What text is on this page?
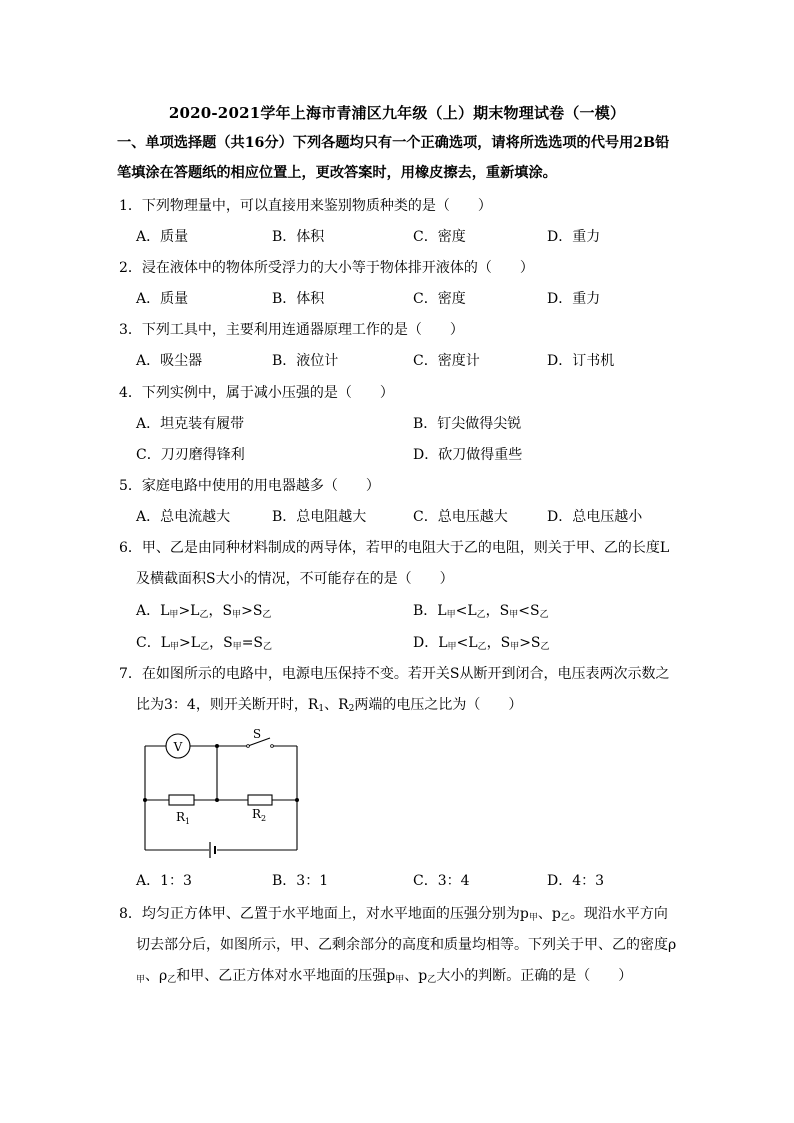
2020-2021学年上海市青浦区九年级（上）期末物理试卷（一模）
一、单项选择题（共16分）下列各题均只有一个正确选项，请将所选选项的代号用2B铅
笔填涂在答题纸的相应位置上，更改答案时，用橡皮擦去，重新填涂。
1．下列物理量中，可以直接用来鉴别物质种类的是（　　）
A．质量	B．体积	C．密度	D．重力
2．浸在液体中的物体所受浮力的大小等于物体排开液体的（　　）
A．质量	B．体积	C．密度	D．重力
3．下列工具中，主要利用连通器原理工作的是（　　）
A．吸尘器	B．液位计	C．密度计	D．订书机
4．下列实例中，属于减小压强的是（　　）
A．坦克装有履带	B．钉尖做得尖锐
C．刀刃磨得锋利	D．砍刀做得重些
5．家庭电路中使用的用电器越多（　　）
A．总电流越大	B．总电阻越大	C．总电压越大	D．总电压越小
6．甲、乙是由同种材料制成的两导体，若甲的电阻大于乙的电阻，则关于甲、乙的长度L
及横截面积S大小的情况，不可能存在的是（　　）
A．$L_甲>L_乙$，$S_甲>S_乙$	B．$L_甲<L_乙$，$S_甲<S_乙$
C．$L_甲>L_乙$，$S_甲=S_乙$	D．$L_甲<L_乙$，$S_甲>S_乙$
7．在如图所示的电路中，电源电压保持不变。若开关S从断开到闭合，电压表两次示数之
比为3：4，则开关断开时，$R_1$、$R_2$两端的电压之比为（　　）
V
S
$R_1$
$R_2$
A．1：3	B．3：1	C．3：4	D．4：3
8．均匀正方体甲、乙置于水平地面上，对水平地面的压强分别为$p_甲$、$p_乙$。现沿水平方向
切去部分后，如图所示，甲、乙剩余部分的高度和质量均相等。下列关于甲、乙的密度ρ
$_甲$、$\rho_乙$和甲、乙正方体对水平地面的压强$p_甲$、$p_乙$大小的判断。正确的是（　　）
